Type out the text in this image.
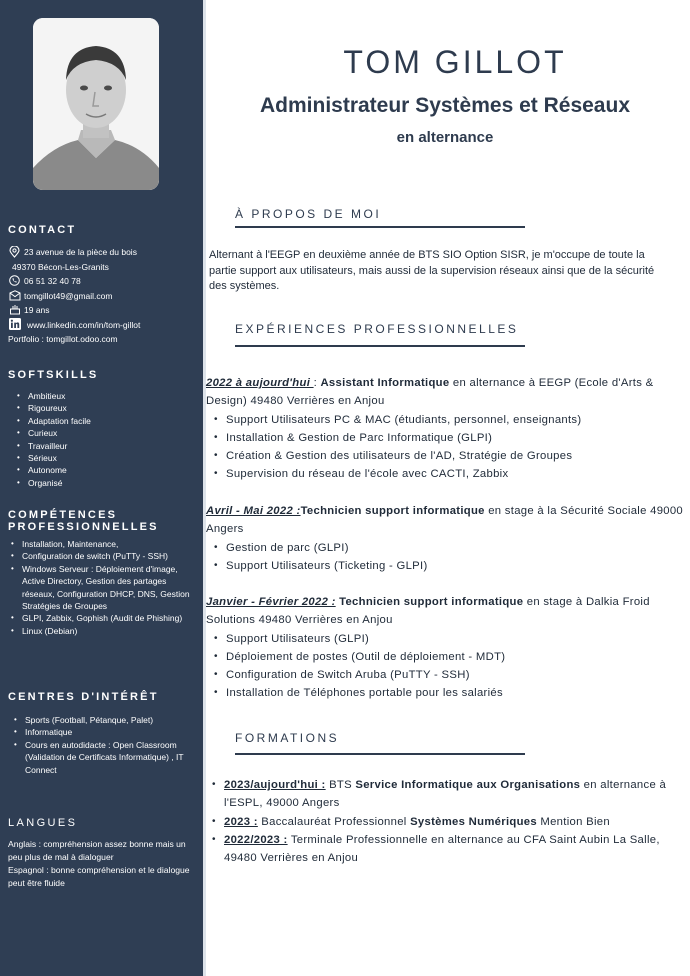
CONTACT
23 avenue de la pièce du bois
49370 Bécon-Les-Granits
06 51 32 40 78
tomgillot49@gmail.com
19 ans
www.linkedin.com/in/tom-gillot
Portfolio : tomgillot.odoo.com
SOFTSKILLS
• Ambitieux
• Rigoureux
• Adaptation facile
• Curieux
• Travailleur
• Sérieux
• Autonome
• Organisé
COMPÉTENCES
PROFESSIONNELLES
• Installation, Maintenance,
• Configuration de switch (PuTTy - SSH)
• Windows Serveur : Déploiement d'image, Active Directory, Gestion des partages réseaux, Configuration DHCP, DNS, Gestion Stratégies de Groupes
• GLPI, Zabbix, Gophish (Audit de Phishing)
• Linux (Debian)
CENTRES D'INTÉRÊT
• Sports (Football, Pétanque, Palet)
• Informatique
• Cours en autodidacte : Open Classroom (Validation de Certificats Informatique) , IT Connect
LANGUES
Anglais : compréhension assez bonne mais un peu plus de mal à dialoguer
Espagnol : bonne compréhension et le dialogue peut être fluide
TOM GILLOT
Administrateur Systèmes et Réseaux
en alternance
À PROPOS DE MOI
Alternant à l'EEGP en deuxième année de BTS SIO Option SISR, je m'occupe de toute la partie support aux utilisateurs, mais aussi de la supervision réseaux ainsi que de la sécurité des systèmes.
EXPÉRIENCES PROFESSIONNELLES
2022 à aujourd'hui : Assistant Informatique en alternance à EEGP (Ecole d'Arts & Design) 49480 Verrières en Anjou
• Support Utilisateurs PC & MAC (étudiants, personnel, enseignants)
• Installation & Gestion de Parc Informatique (GLPI)
• Création & Gestion des utilisateurs de l'AD, Stratégie de Groupes
• Supervision du réseau de l'école avec CACTI, Zabbix
Avril - Mai 2022 :Technicien support informatique en stage à la Sécurité Sociale 49000 Angers
• Gestion de parc (GLPI)
• Support Utilisateurs (Ticketing - GLPI)
Janvier - Février 2022 : Technicien support informatique en stage à Dalkia Froid Solutions 49480 Verrières en Anjou
• Support Utilisateurs (GLPI)
• Déploiement de postes (Outil de déploiement - MDT)
• Configuration de Switch Aruba (PuTTY - SSH)
• Installation de Téléphones portable pour les salariés
FORMATIONS
• 2023/aujourd'hui : BTS Service Informatique aux Organisations en alternance à l'ESPL, 49000 Angers
• 2023 : Baccalauréat Professionnel Systèmes Numériques Mention Bien
• 2022/2023 : Terminale Professionnelle en alternance au CFA Saint Aubin La Salle, 49480 Verrières en Anjou
